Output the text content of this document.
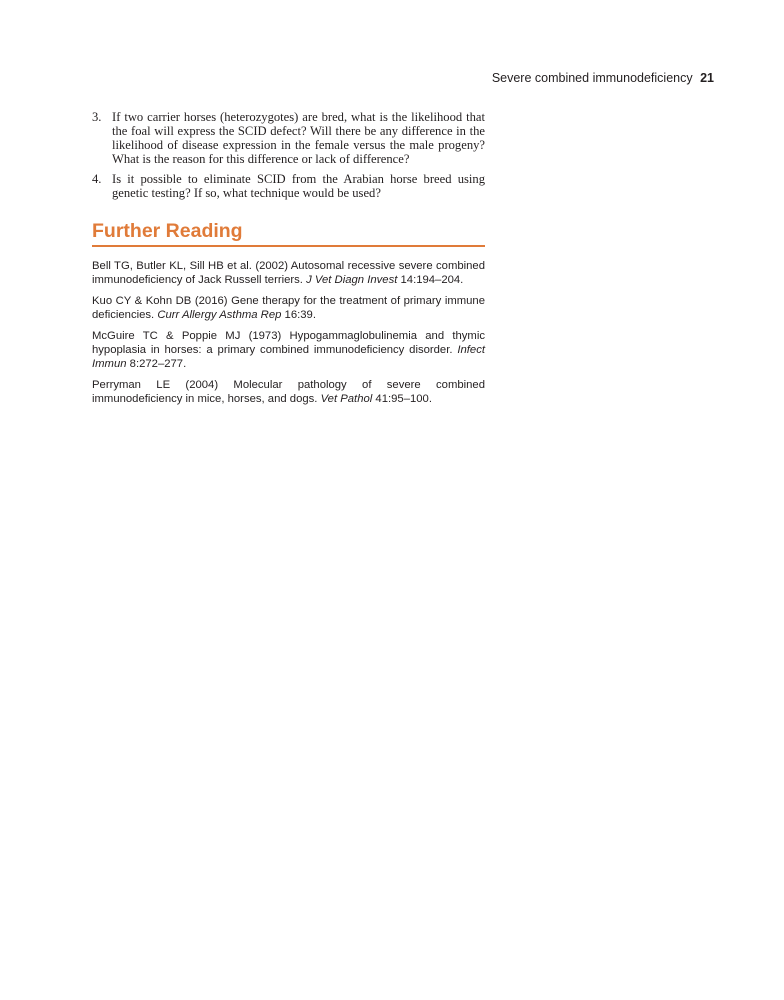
Severe combined immunodeficiency 21
3. If two carrier horses (heterozygotes) are bred, what is the likelihood that the foal will express the SCID defect? Will there be any difference in the likelihood of disease expression in the female versus the male progeny? What is the reason for this difference or lack of difference?
4. Is it possible to eliminate SCID from the Arabian horse breed using genetic testing? If so, what technique would be used?
Further Reading

Bell TG, Butler KL, Sill HB et al. (2002) Autosomal recessive severe combined immunodeficiency of Jack Russell terriers. J Vet Diagn Invest 14:194–204.

Kuo CY & Kohn DB (2016) Gene therapy for the treatment of primary immune deficiencies. Curr Allergy Asthma Rep 16:39.

McGuire TC & Poppie MJ (1973) Hypogammaglobulinemia and thymic hypoplasia in horses: a primary combined immunodeficiency disorder. Infect Immun 8:272–277.

Perryman LE (2004) Molecular pathology of severe combined immunodeficiency in mice, horses, and dogs. Vet Pathol 41:95–100.
